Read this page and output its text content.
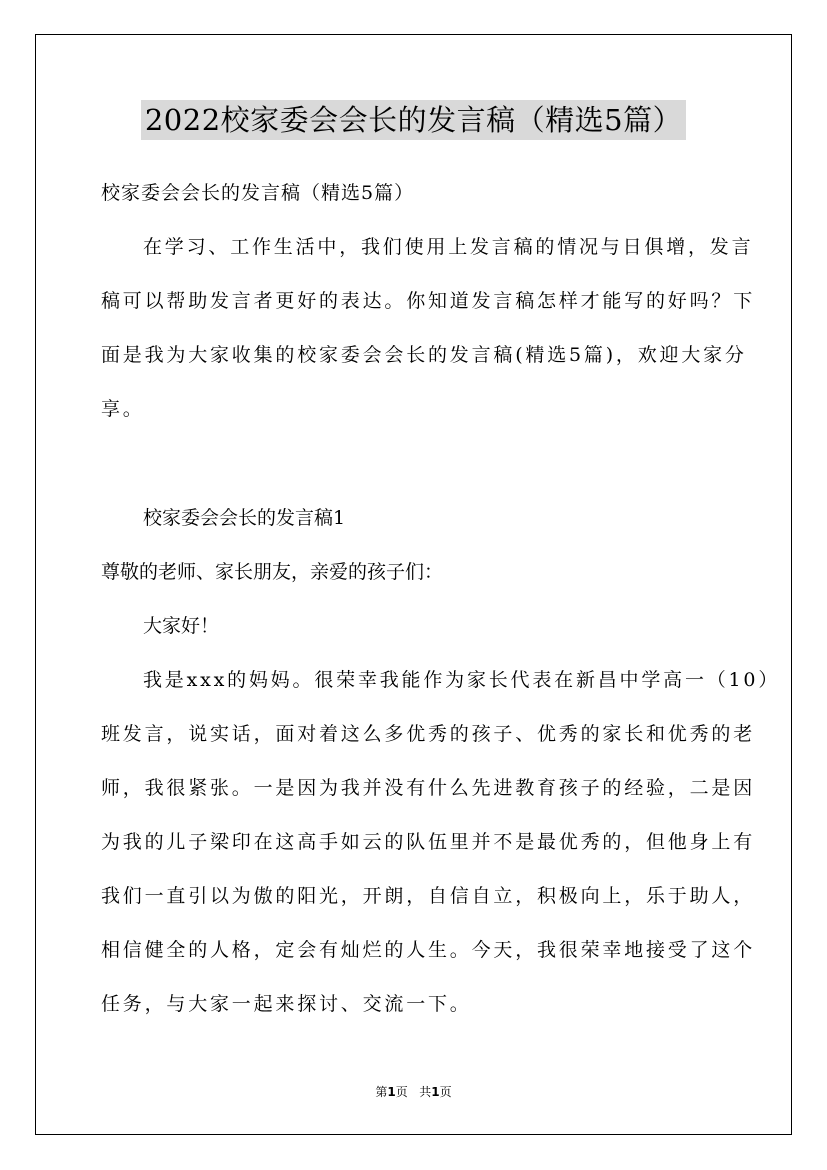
2022校家委会会长的发言稿（精选5篇）
校家委会会长的发言稿（精选5篇）
在学习、工作生活中，我们使用上发言稿的情况与日俱增，发言
稿可以帮助发言者更好的表达。你知道发言稿怎样才能写的好吗？下
面是我为大家收集的校家委会会长的发言稿(精选5篇)，欢迎大家分
享。
校家委会会长的发言稿1
尊敬的老师、家长朋友，亲爱的孩子们：
大家好！
我是xxx的妈妈。很荣幸我能作为家长代表在新昌中学高一（10）
班发言，说实话，面对着这么多优秀的孩子、优秀的家长和优秀的老
师，我很紧张。一是因为我并没有什么先进教育孩子的经验，二是因
为我的儿子梁印在这高手如云的队伍里并不是最优秀的，但他身上有
我们一直引以为傲的阳光，开朗，自信自立，积极向上，乐于助人，
相信健全的人格，定会有灿烂的人生。今天，我很荣幸地接受了这个
任务，与大家一起来探讨、交流一下。
第1页 共1页
